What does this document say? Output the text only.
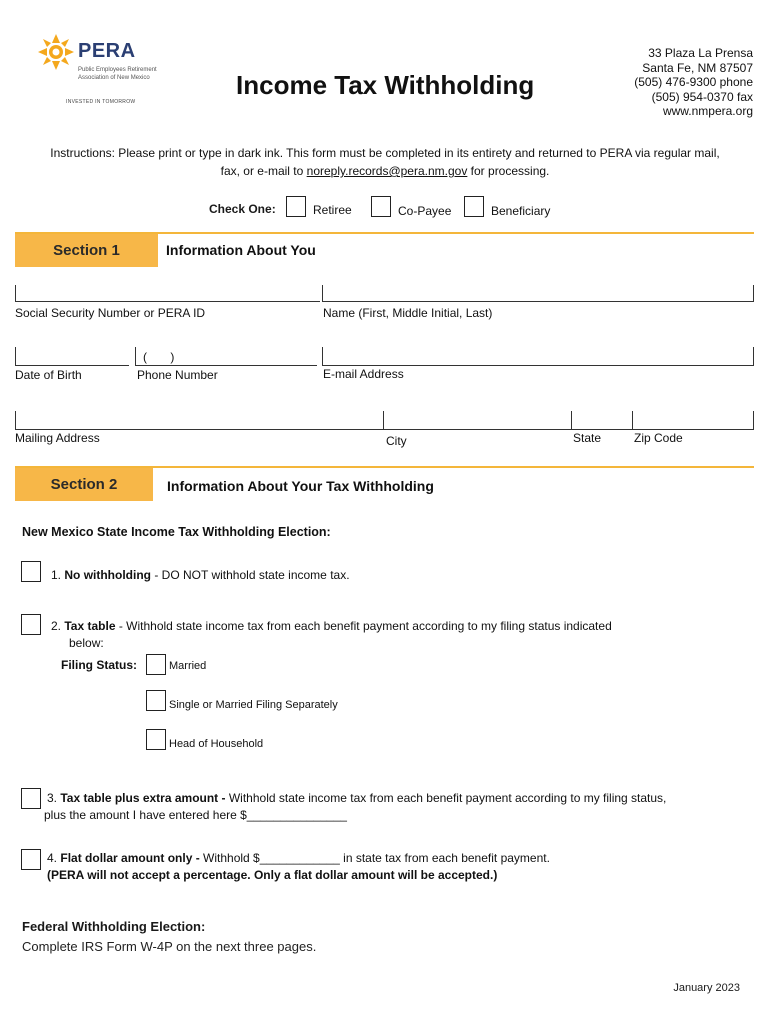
PERA
Public Employees Retirement Association of New Mexico
INVESTED IN TOMORROW
Income Tax Withholding
33 Plaza La Prensa
Santa Fe, NM 87507
(505) 476-9300 phone
(505) 954-0370 fax
www.nmpera.org
Instructions: Please print or type in dark ink. This form must be completed in its entirety and returned to PERA via regular mail, fax, or e-mail to noreply.records@pera.nm.gov for processing.
Check One:	Retiree	Co-Payee	Beneficiary
Section 1	Information About You
Social Security Number or PERA ID	Name (First, Middle Initial, Last)
(       )
Date of Birth	Phone Number	E-mail Address
Mailing Address	City	State	Zip Code
Section 2	Information About Your Tax Withholding
New Mexico State Income Tax Withholding Election:
1. No withholding - DO NOT withhold state income tax.
2. Tax table - Withhold state income tax from each benefit payment according to my filing status indicated
below:
Filing Status:	Married
Single or Married Filing Separately
Head of Household
3. Tax table plus extra amount - Withhold state income tax from each benefit payment according to my filing status,
plus the amount I have entered here $_______________
4. Flat dollar amount only - Withhold $____________ in state tax from each benefit payment.
(PERA will not accept a percentage. Only a flat dollar amount will be accepted.)
Federal Withholding Election:
Complete IRS Form W-4P on the next three pages.
January 2023
